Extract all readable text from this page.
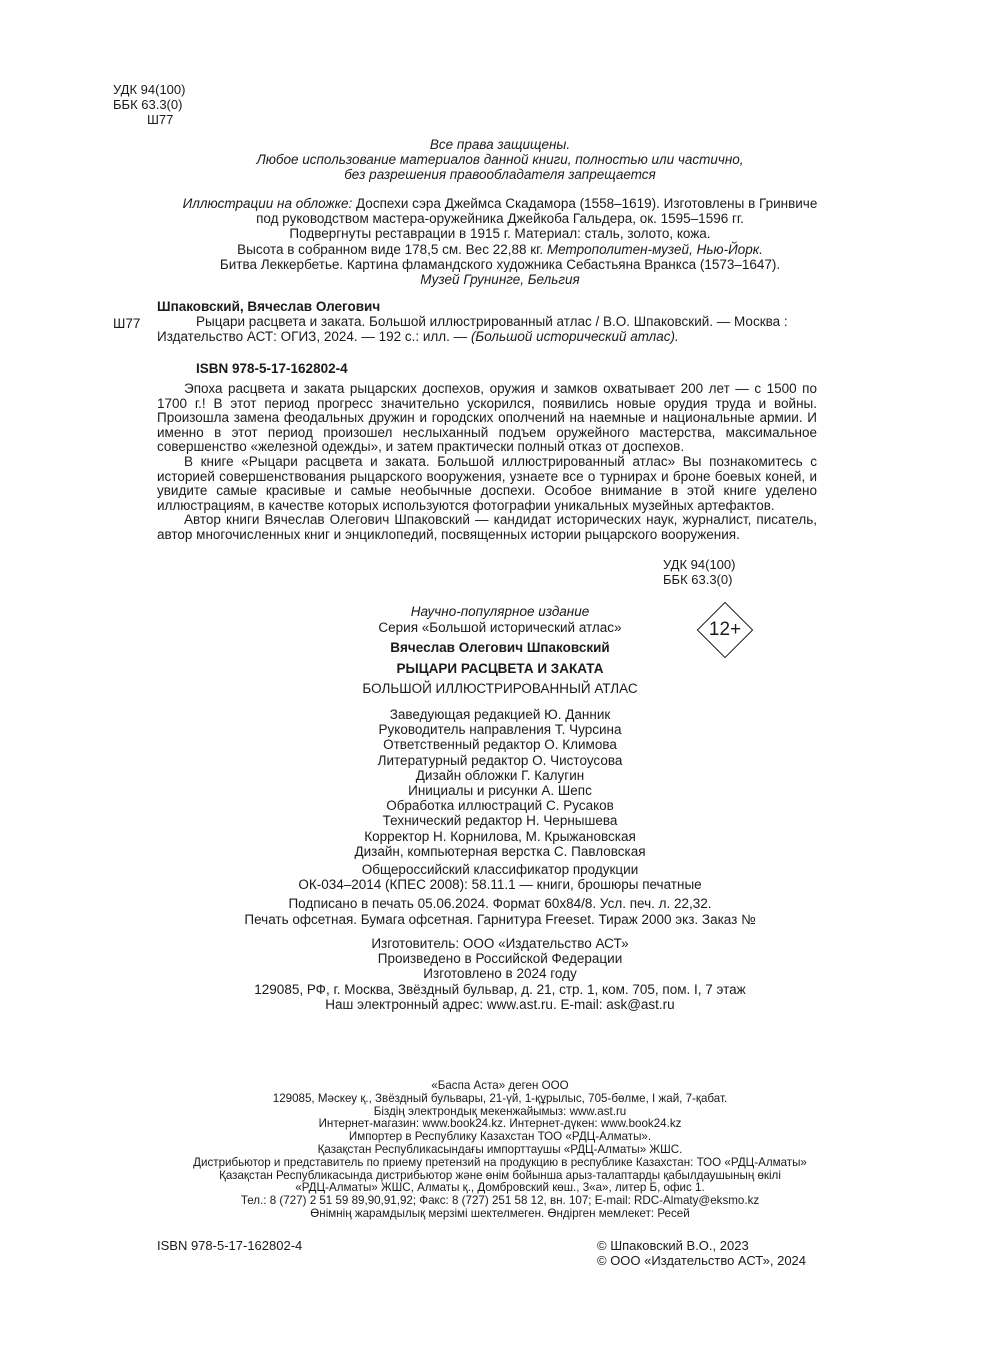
УДК 94(100)
ББК 63.3(0)
Ш77
Все права защищены.
Любое использование материалов данной книги, полностью или частично,
без разрешения правообладателя запрещается
Иллюстрации на обложке: Доспехи сэра Джеймса Скадамора (1558–1619). Изготовлены в Гринвиче
под руководством мастера-оружейника Джейкоба Гальдера, ок. 1595–1596 гг.
Подвергнуты реставрации в 1915 г. Материал: сталь, золото, кожа.
Высота в собранном виде 178,5 см. Вес 22,88 кг. Метрополитен-музей, Нью-Йорк.
Битва Леккербетье. Картина фламандского художника Себастьяна Вранкса (1573–1647).
Музей Грунинге, Бельгия
Шпаковский, Вячеслав Олегович
Ш77	Рыцари расцвета и заката. Большой иллюстрированный атлас / В.О. Шпаковский. — Москва :
Издательство АСТ: ОГИЗ, 2024. — 192 с.: илл. — (Большой исторический атлас).
ISBN 978-5-17-162802-4

Эпоха расцвета и заката рыцарских доспехов, оружия и замков охватывает 200 лет — с 1500 по 1700 г.! В этот период прогресс значительно ускорился, появились новые орудия труда и войны. Произошла замена феодальных дружин и городских ополчений на наемные и национальные армии. И именно в этот период произошел неслыханный подъем оружейного мастерства, максимальное совершенство «железной одежды», и затем практически полный отказ от доспехов.

В книге «Рыцари расцвета и заката. Большой иллюстрированный атлас» Вы познакомитесь с историей совершенствования рыцарского вооружения, узнаете все о турнирах и броне боевых коней, и увидите самые красивые и самые необычные доспехи. Особое внимание в этой книге уделено иллюстрациям, в качестве которых используются фотографии уникальных музейных артефактов.

Автор книги Вячеслав Олегович Шпаковский — кандидат исторических наук, журналист, писатель, автор многочисленных книг и энциклопедий, посвященных истории рыцарского вооружения.

УДК 94(100)
ББК 63.3(0)
Научно-популярное издание
Серия «Большой исторический атлас»
Вячеслав Олегович Шпаковский
РЫЦАРИ РАСЦВЕТА И ЗАКАТА
БОЛЬШОЙ ИЛЛЮСТРИРОВАННЫЙ АТЛАС
12+
Заведующая редакцией Ю. Данник
Руководитель направления Т. Чурсина
Ответственный редактор О. Климова
Литературный редактор О. Чистоусова
Дизайн обложки Г. Калугин
Инициалы и рисунки А. Шепс
Обработка иллюстраций С. Русаков
Технический редактор Н. Чернышева
Корректор Н. Корнилова, М. Крыжановская
Дизайн, компьютерная верстка С. Павловская
Общероссийский классификатор продукции
ОК-034–2014 (КПЕС 2008): 58.11.1 — книги, брошюры печатные
Подписано в печать 05.06.2024. Формат 60x84/8. Усл. печ. л. 22,32.
Печать офсетная. Бумага офсетная. Гарнитура Freeset. Тираж 2000 экз. Заказ №
Изготовитель: ООО «Издательство АСТ»
Произведено в Российской Федерации
Изготовлено в 2024 году
129085, РФ, г. Москва, Звёздный бульвар, д. 21, стр. 1, ком. 705, пом. I, 7 этаж
Наш электронный адрес: www.ast.ru. E-mail: ask@ast.ru
«Баспа Аста» деген ООО
129085, Мәскеу қ., Звёздный бульвары, 21-үй, 1-құрылыс, 705-бөлме, I жай, 7-қабат.
Біздің электрондық мекенжайымыз: www.ast.ru
Интернет-магазин: www.book24.kz. Интернет-дүкен: www.book24.kz
Импортер в Республику Казахстан ТОО «РДЦ-Алматы».
Қазақстан Республикасындағы импорттаушы «РДЦ-Алматы» ЖШС.
Дистрибьютор и представитель по приему претензий на продукцию в республике Казахстан: ТОО «РДЦ-Алматы»
Қазақстан Республикасында дистрибьютор және өнім бойынша арыз-талаптарды қабылдаушының өкілі
«РДЦ-Алматы» ЖШС, Алматы қ., Домбровский көш., 3«а», литер Б, офис 1.
Тел.: 8 (727) 2 51 59 89,90,91,92; Факс: 8 (727) 251 58 12, вн. 107; E-mail: RDC-Almaty@eksmo.kz
Өнімнің жарамдылық мерзімі шектелмеген. Өндірген мемлекет: Ресей
ISBN 978-5-17-162802-4	© Шпаковский В.О., 2023
© ООО «Издательство АСТ», 2024
